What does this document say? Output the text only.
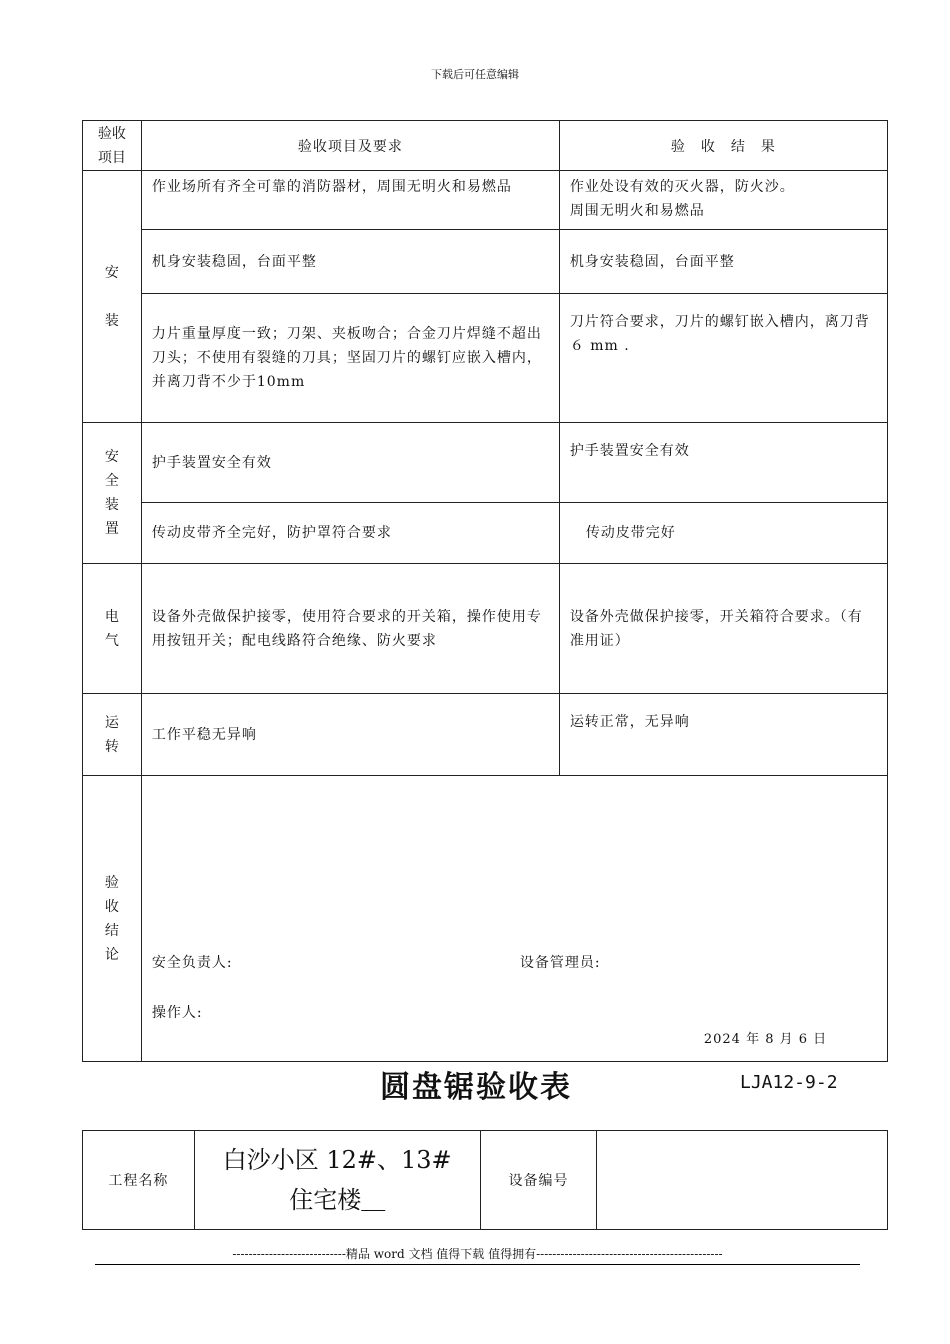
下载后可任意编辑
验收
项目	验收项目及要求	验　收　结　果
安

装	作业场所有齐全可靠的消防器材，周围无明火和易燃品	作业处设有效的灭火器，防火沙。
周围无明火和易燃品
	机身安装稳固，台面平整	机身安装稳固，台面平整
	力片重量厚度一致；刀架、夹板吻合；合金刀片焊缝不超出刀头；不使用有裂缝的刀具；坚固刀片的螺钉应嵌入槽内，并离刀背不少于10mm	刀片符合要求，刀片的螺钉嵌入槽内，离刀背６ mm .
安
全
装
置	护手装置安全有效	护手装置安全有效
	传动皮带齐全完好，防护罩符合要求	传动皮带完好
电
气	设备外壳做保护接零，使用符合要求的开关箱，操作使用专用按钮开关；配电线路符合绝缘、防火要求	设备外壳做保护接零，开关箱符合要求。（有准用证）
运
转	工作平稳无异响	运转正常，无异响
验
收
结
论	安全负责人: 设备管理员:
操作人:
2024 年 8 月 6 日	
圆盘锯验收表	LJA12-9-2
工程名称	白沙小区 12#、13#住宅楼＿	设备编号	
----------------------------精品 word 文档 值得下载 值得拥有----------------------------------------------
